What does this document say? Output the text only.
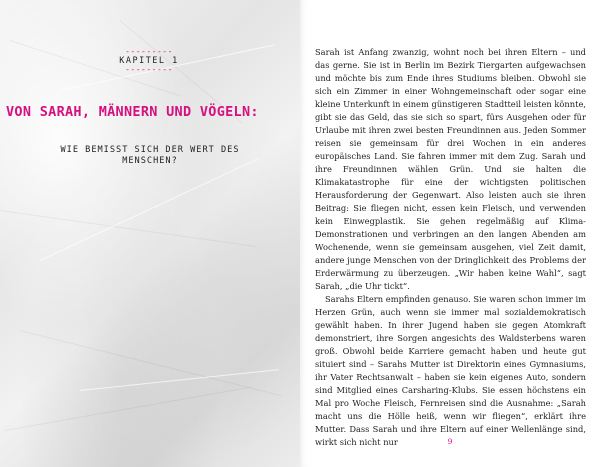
---------
KAPITEL 1
---------
VON SARAH, MÄNNERN UND VÖGELN:
WIE BEMISST SICH DER WERT DES
MENSCHEN?

Sarah ist Anfang zwanzig, wohnt noch bei ihren Eltern – und das gerne. Sie ist in Berlin im Bezirk Tiergarten aufgewachsen und möchte bis zum Ende ihres Studiums bleiben. Obwohl sie sich ein Zimmer in einer Wohngemeinschaft oder sogar eine kleine Unterkunft in einem günstigeren Stadtteil leisten könnte, gibt sie das Geld, das sie sich so spart, fürs Ausgehen oder für Urlaube mit ihren zwei besten Freundinnen aus. Jeden Sommer reisen sie gemeinsam für drei Wochen in ein anderes europäisches Land. Sie fahren immer mit dem Zug. Sarah und ihre Freundinnen wählen Grün. Und sie halten die Klimakatastrophe für eine der wichtigsten politischen Herausforderung der Gegenwart. Also leisten auch sie ihren Beitrag: Sie fliegen nicht, essen kein Fleisch, und verwenden kein Einwegplastik. Sie gehen regelmäßig auf Klima-Demonstrationen und verbringen an den langen Abenden am Wochenende, wenn sie gemeinsam ausgehen, viel Zeit damit, andere junge Menschen von der Dringlichkeit des Problems der Erderwärmung zu überzeugen. „Wir haben keine Wahl“, sagt Sarah, „die Uhr tickt“.

Sarahs Eltern empfinden genauso. Sie waren schon immer im Herzen Grün, auch wenn sie immer mal sozialdemokratisch gewählt haben. In ihrer Jugend haben sie gegen Atomkraft demonstriert, ihre Sorgen angesichts des Waldsterbens waren groß. Obwohl beide Karriere gemacht haben und heute gut situiert sind – Sarahs Mutter ist Direktorin eines Gymnasiums, ihr Vater Rechtsanwalt – haben sie kein eigenes Auto, sondern sind Mitglied eines Carsharing-Klubs. Sie essen höchstens ein Mal pro Woche Fleisch, Fernreisen sind die Ausnahme: „Sarah macht uns die Hölle heiß, wenn wir fliegen“, erklärt ihre Mutter. Dass Sarah und ihre Eltern auf einer Wellenlänge sind, wirkt sich nicht nur	9
